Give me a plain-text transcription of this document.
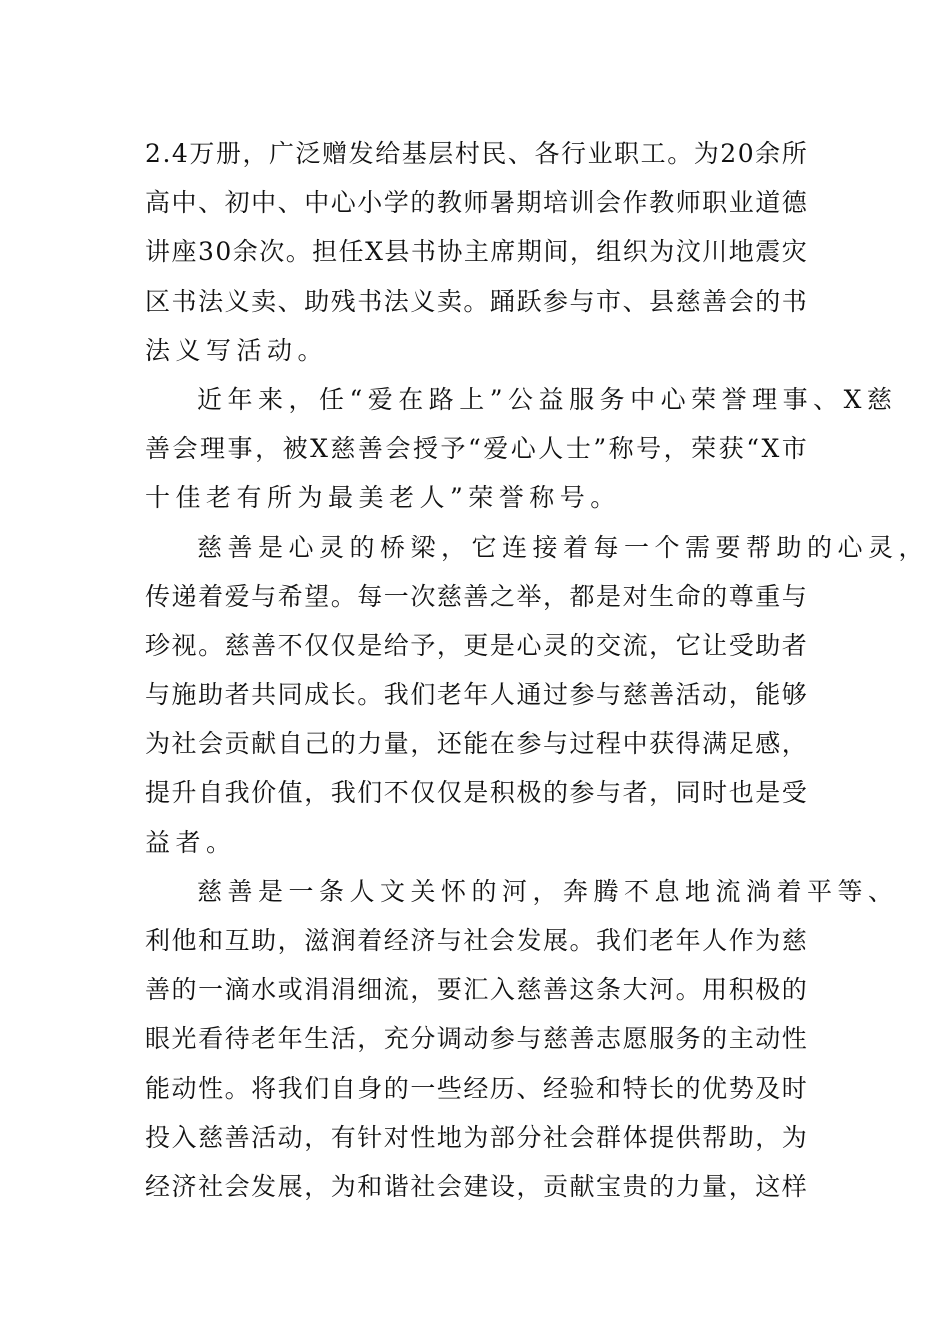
2 . 4 万 册 ， 广 泛 赠 发 给 基 层 村 民 、 各 行 业 职 工 。 为 2 0 余 所
高 中 、 初 中 、 中 心 小 学 的 教 师 暑 期 培 训 会 作 教 师 职 业 道 德
讲 座 3 0 余 次 。 担 任 X 县 书 协 主 席 期 间 ， 组 织 为 汶 川 地 震 灾
区 书 法 义 卖 、 助 残 书 法 义 卖 。 踊 跃 参 与 市 、 县 慈 善 会 的 书
法义写活动。
近年来，任“爱在路上”公益服务中心荣誉理事、X慈
善 会 理 事 ， 被 X 慈 善 会 授 予 “ 爱 心 人 士 ” 称 号 ， 荣 获 “ X 市
十佳老有所为最美老人”荣誉称号。
慈善是心灵的桥梁，它连接着每一个需要帮助的心灵，
传 递 着 爱 与 希 望 。 每 一 次 慈 善 之 举 ， 都 是 对 生 命 的 尊 重 与
珍 视 。 慈 善 不 仅 仅 是 给 予 ， 更 是 心 灵 的 交 流 ， 它 让 受 助 者
与 施 助 者 共 同 成 长 。 我 们 老 年 人 通 过 参 与 慈 善 活 动 ， 能 够
为 社 会 贡 献 自 己 的 力 量 ， 还 能 在 参 与 过 程 中 获 得 满 足 感 ，
提 升 自 我 价 值 ， 我 们 不 仅 仅 是 积 极 的 参 与 者 ， 同 时 也 是 受
益者。
慈善是一条人文关怀的河，奔腾不息地流淌着平等、
利 他 和 互 助 ， 滋 润 着 经 济 与 社 会 发 展 。 我 们 老 年 人 作 为 慈
善 的 一 滴 水 或 涓 涓 细 流 ， 要 汇 入 慈 善 这 条 大 河 。 用 积 极 的
眼 光 看 待 老 年 生 活 ， 充 分 调 动 参 与 慈 善 志 愿 服 务 的 主 动 性
能 动 性 。 将 我 们 自 身 的 一 些 经 历 、 经 验 和 特 长 的 优 势 及 时
投 入 慈 善 活 动 ， 有 针 对 性 地 为 部 分 社 会 群 体 提 供 帮 助 ， 为
经 济 社 会 发 展 ， 为 和 谐 社 会 建 设 ， 贡 献 宝 贵 的 力 量 ， 这 样
